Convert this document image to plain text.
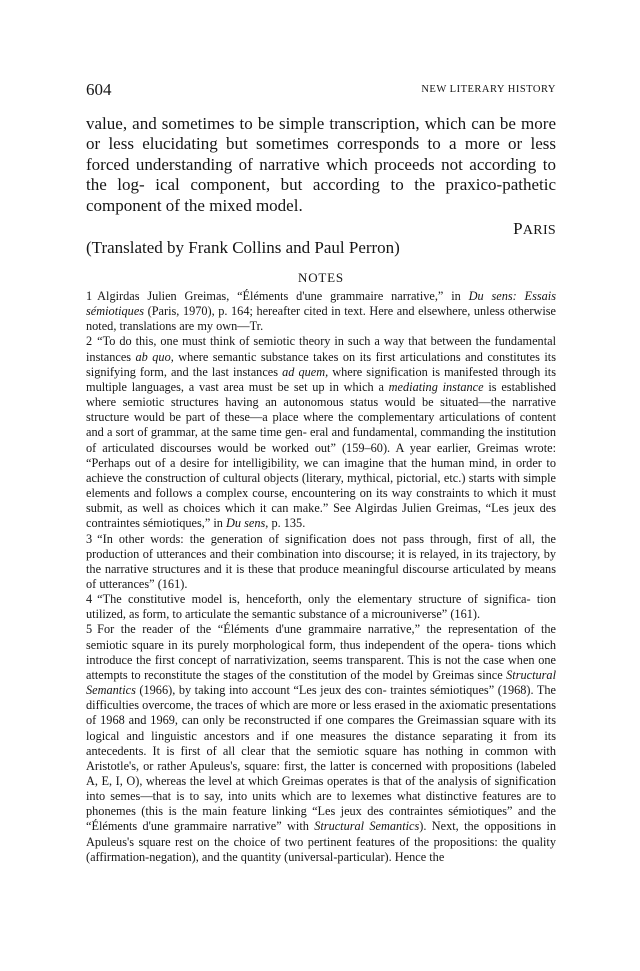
604	NEW LITERARY HISTORY

value, and sometimes to be simple transcription, which can be more or less elucidating but sometimes corresponds to a more or less forced understanding of narrative which proceeds not according to the log- ical component, but according to the praxico-pathetic component of the mixed model.

PARIS

(Translated by Frank Collins and Paul Perron)

NOTES

1 Algirdas Julien Greimas, “Éléments d'une grammaire narrative,” in Du sens: Essais sémiotiques (Paris, 1970), p. 164; hereafter cited in text. Here and elsewhere, unless otherwise noted, translations are my own—Tr.

2 “To do this, one must think of semiotic theory in such a way that between the fundamental instances ab quo, where semantic substance takes on its first articulations and constitutes its signifying form, and the last instances ad quem, where signification is manifested through its multiple languages, a vast area must be set up in which a mediating instance is established where semiotic structures having an autonomous status would be situated—the narrative structure would be part of these—a place where the complementary articulations of content and a sort of grammar, at the same time gen- eral and fundamental, commanding the institution of articulated discourses would be worked out” (159–60). A year earlier, Greimas wrote: “Perhaps out of a desire for intelligibility, we can imagine that the human mind, in order to achieve the construction of cultural objects (literary, mythical, pictorial, etc.) starts with simple elements and follows a complex course, encountering on its way constraints to which it must submit, as well as choices which it can make.” See Algirdas Julien Greimas, “Les jeux des contraintes sémiotiques,” in Du sens, p. 135.

3 “In other words: the generation of signification does not pass through, first of all, the production of utterances and their combination into discourse; it is relayed, in its trajectory, by the narrative structures and it is these that produce meaningful discourse articulated by means of utterances” (161).

4 “The constitutive model is, henceforth, only the elementary structure of significa- tion utilized, as form, to articulate the semantic substance of a microuniverse” (161).

5 For the reader of the “Éléments d'une grammaire narrative,” the representation of the semiotic square in its purely morphological form, thus independent of the opera- tions which introduce the first concept of narrativization, seems transparent. This is not the case when one attempts to reconstitute the stages of the constitution of the model by Greimas since Structural Semantics (1966), by taking into account “Les jeux des con- traintes sémiotiques” (1968). The difficulties overcome, the traces of which are more or less erased in the axiomatic presentations of 1968 and 1969, can only be reconstructed if one compares the Greimassian square with its logical and linguistic ancestors and if one measures the distance separating it from its antecedents. It is first of all clear that the semiotic square has nothing in common with Aristotle's, or rather Apuleus's, square: first, the latter is concerned with propositions (labeled A, E, I, O), whereas the level at which Greimas operates is that of the analysis of signification into semes—that is to say, into units which are to lexemes what distinctive features are to phonemes (this is the main feature linking “Les jeux des contraintes sémiotiques” and the “Éléments d'une grammaire narrative” with Structural Semantics). Next, the oppositions in Apuleus's square rest on the choice of two pertinent features of the propositions: the quality (affirmation-negation), and the quantity (universal-particular). Hence the
